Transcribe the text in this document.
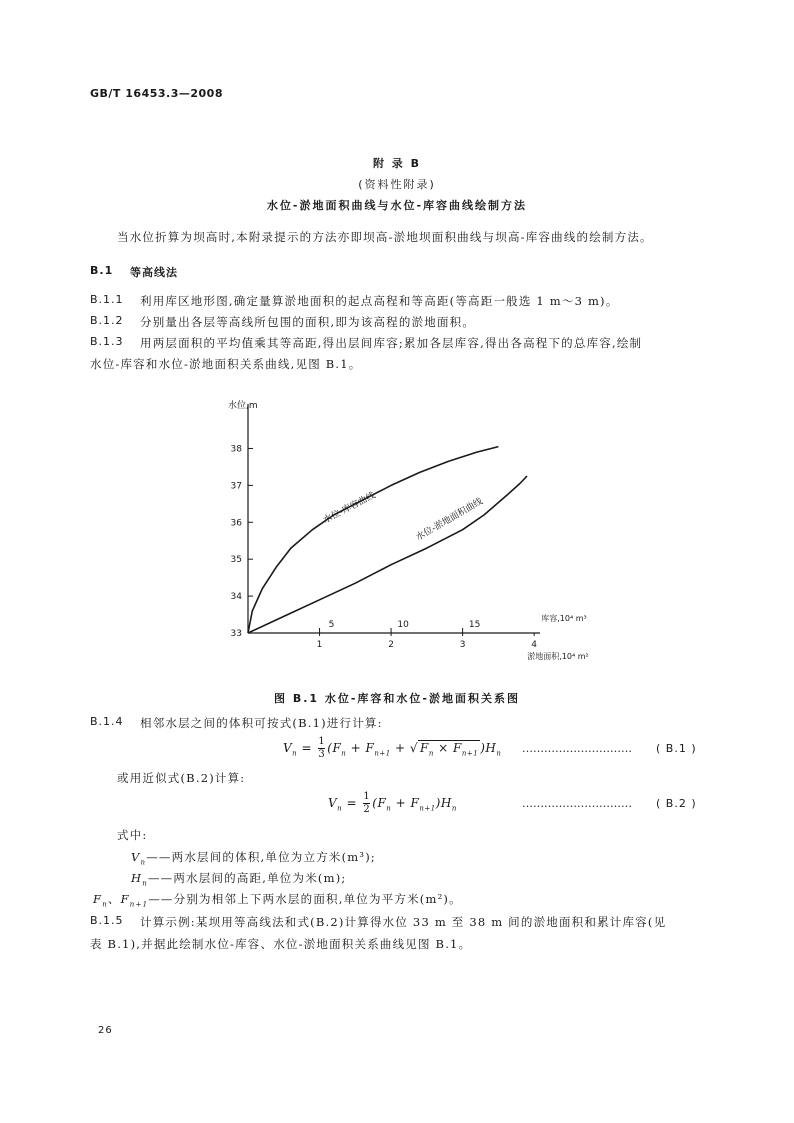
GB/T 16453.3—2008
附 录 B
(资料性附录)
水位-淤地面积曲线与水位-库容曲线绘制方法
当水位折算为坝高时,本附录提示的方法亦即坝高-淤地坝面积曲线与坝高-库容曲线的绘制方法。
B.1 等高线法
B.1.1 利用库区地形图,确定量算淤地面积的起点高程和等高距(等高距一般选 1 m～3 m)。
B.1.2 分别量出各层等高线所包围的面积,即为该高程的淤地面积。
B.1.3 用两层面积的平均值乘其等高距,得出层间库容;累加各层库容,得出各高程下的总库容,绘制
水位-库容和水位-淤地面积关系曲线,见图 B.1。
水位,m
33
34
35
36
37
38
5	10	15
1	2	3	4
库容,10⁴ m³
淤地面积,10⁴ m²
水位-库容曲线	水位-淤地面积曲线
图 B.1 水位-库容和水位-淤地面积关系图
B.1.4 相邻水层之间的体积可按式(B.1)进行计算:
$V_n = \frac{1}{3} (F_n + F_{n+1}$ + √ $F_n \times F_{n+1}$ )$H_n$ ………………………… ( B.1 )
或用近似式(B.2)计算:
$V_n = \frac{1}{2} (F_n + F_{n+1})H_n$	………………………… ( B.2 )
式中:
$V_n——$两水层间的体积,单位为立方米(m³);
$H_n——$两水层间的高距,单位为米(m);
$F_n$、$F_{n+1}——$分别为相邻上下两水层的面积,单位为平方米(m²)。
B.1.5 计算示例:某坝用等高线法和式(B.2)计算得水位 33 m 至 38 m 间的淤地面积和累计库容(见
表 B.1),并据此绘制水位-库容、水位-淤地面积关系曲线见图 B.1。
26
